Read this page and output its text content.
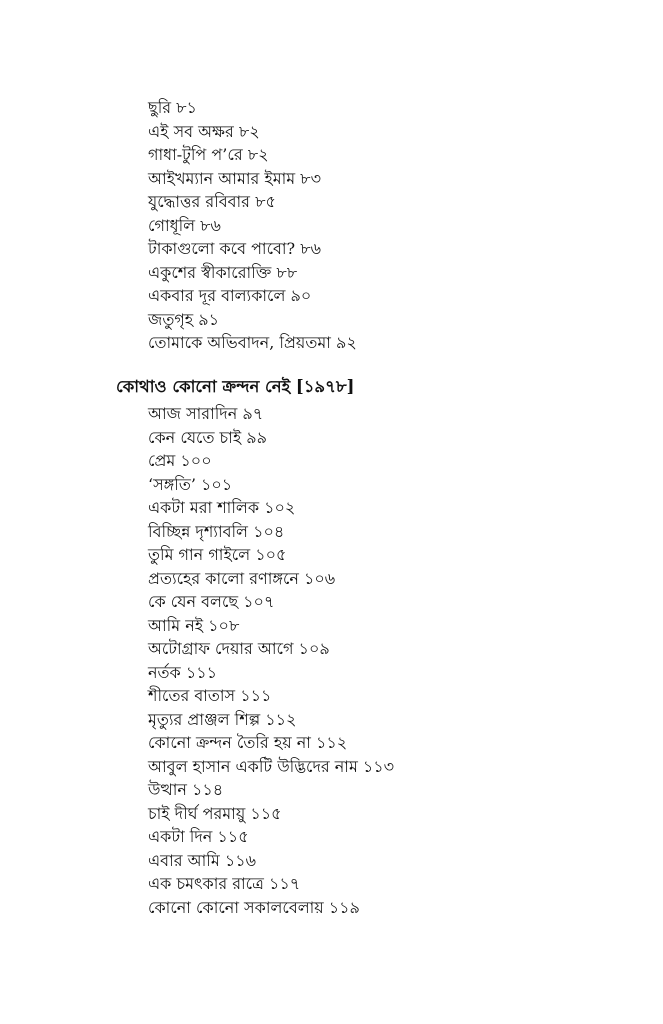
ছুরি ৮১
এই সব অক্ষর ৮২
গাধা-টুপি প’রে ৮২
আইখম্যান আমার ইমাম ৮৩
যুদ্ধোত্তর রবিবার ৮৫
গোধূলি ৮৬
টাকাগুলো কবে পাবো? ৮৬
একুশের স্বীকারোক্তি ৮৮
একবার দূর বাল্যকালে ৯০
জতুগৃহ ৯১
তোমাকে অভিবাদন, প্রিয়তমা ৯২
কোথাও কোনো ক্রন্দন নেই [১৯৭৮]
আজ সারাদিন ৯৭
কেন যেতে চাই ৯৯
প্রেম ১০০
‘সঙ্গতি’ ১০১
একটা মরা শালিক ১০২
বিচ্ছিন্ন দৃশ্যাবলি ১০৪
তুমি গান গাইলে ১০৫
প্রত্যহের কালো রণাঙ্গনে ১০৬
কে যেন বলছে ১০৭
আমি নই ১০৮
অটোগ্রাফ দেয়ার আগে ১০৯
নর্তক ১১১
শীতের বাতাস ১১১
মৃত্যুর প্রাঞ্জল শিল্প ১১২
কোনো ক্রন্দন তৈরি হয় না ১১২
আবুল হাসান একটি উদ্ভিদের নাম ১১৩
উত্থান ১১৪
চাই দীর্ঘ পরমায়ু ১১৫
একটা দিন ১১৫
এবার আমি ১১৬
এক চমৎকার রাত্রে ১১৭
কোনো কোনো সকালবেলায় ১১৯
